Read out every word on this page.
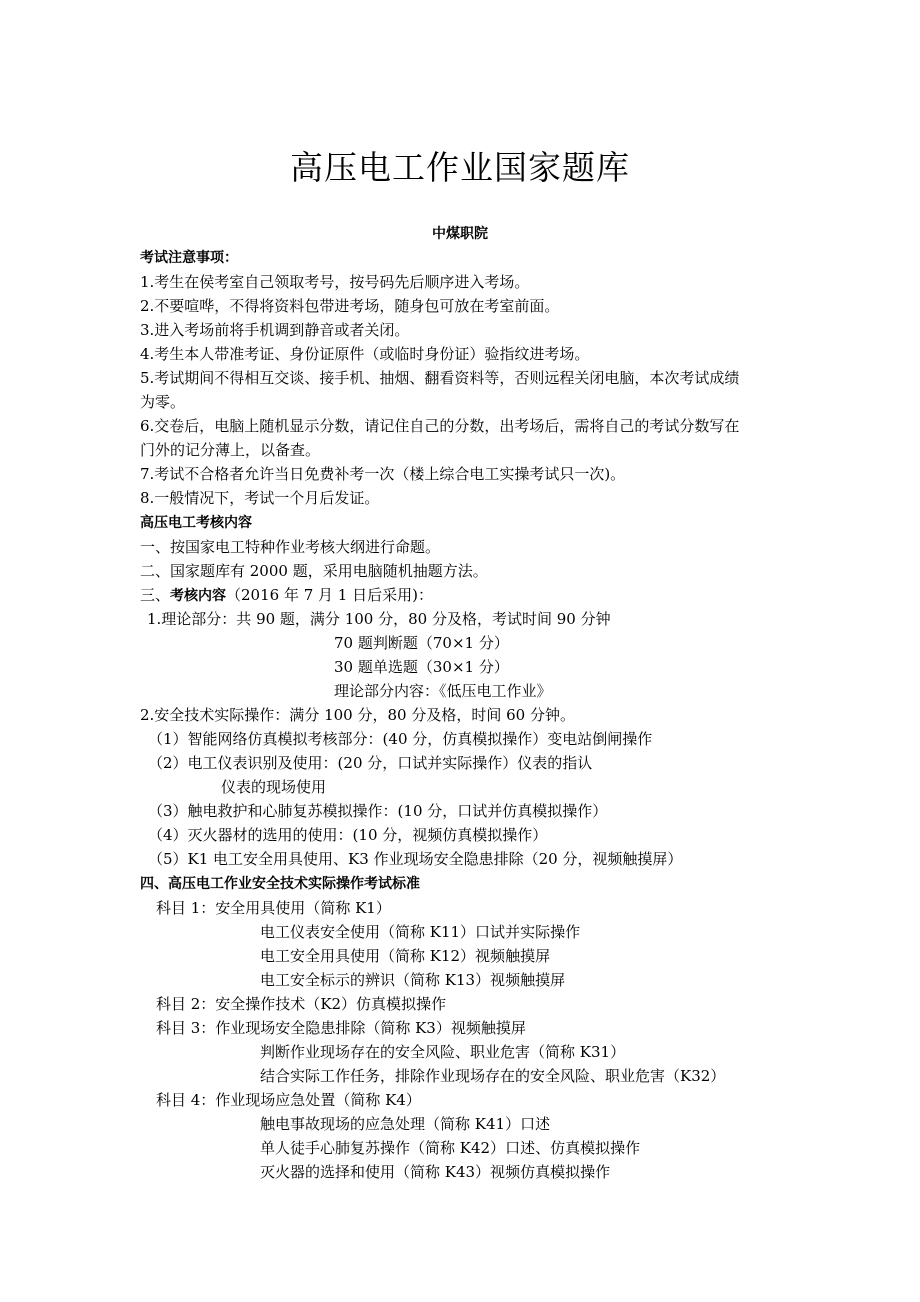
高压电工作业国家题库
中煤职院
考试注意事项：
1.考生在侯考室自己领取考号，按号码先后顺序进入考场。
2.不要喧哗，不得将资料包带进考场，随身包可放在考室前面。
3.进入考场前将手机调到静音或者关闭。
4.考生本人带准考证、身份证原件（或临时身份证）验指纹进考场。
5.考试期间不得相互交谈、接手机、抽烟、翻看资料等，否则远程关闭电脑，本次考试成绩
为零。
6.交卷后，电脑上随机显示分数，请记住自己的分数，出考场后，需将自己的考试分数写在
门外的记分薄上，以备查。
7.考试不合格者允许当日免费补考一次（楼上综合电工实操考试只一次)。
8.一般情况下，考试一个月后发证。
高压电工考核内容
一、按国家电工特种作业考核大纲进行命题。
二、国家题库有 2000 题，采用电脑随机抽题方法。
三、考核内容（2016 年 7 月 1 日后采用)：
1.理论部分：共 90 题，满分 100 分，80 分及格，考试时间 90 分钟
70 题判断题（70×1 分）
30 题单选题（30×1 分）
理论部分内容：《低压电工作业》
2.安全技术实际操作：满分 100 分，80 分及格，时间 60 分钟。
（1）智能网络仿真模拟考核部分：(40 分，仿真模拟操作）变电站倒闸操作
（2）电工仪表识别及使用：(20 分，口试并实际操作）仪表的指认
仪表的现场使用
（3）触电救护和心肺复苏模拟操作：(10 分，口试并仿真模拟操作）
（4）灭火器材的选用的使用：(10 分，视频仿真模拟操作）
（5）K1 电工安全用具使用、K3 作业现场安全隐患排除（20 分，视频触摸屏）
四、高压电工作业安全技术实际操作考试标准
科目 1：安全用具使用（简称 K1）
电工仪表安全使用（简称 K11）口试并实际操作
电工安全用具使用（简称 K12）视频触摸屏
电工安全标示的辨识（简称 K13）视频触摸屏
科目 2：安全操作技术（K2）仿真模拟操作
科目 3：作业现场安全隐患排除（简称 K3）视频触摸屏
判断作业现场存在的安全风险、职业危害（简称 K31）
结合实际工作任务，排除作业现场存在的安全风险、职业危害（K32）
科目 4：作业现场应急处置（简称 K4）
触电事故现场的应急处理（简称 K41）口述
单人徒手心肺复苏操作（简称 K42）口述、仿真模拟操作
灭火器的选择和使用（简称 K43）视频仿真模拟操作
